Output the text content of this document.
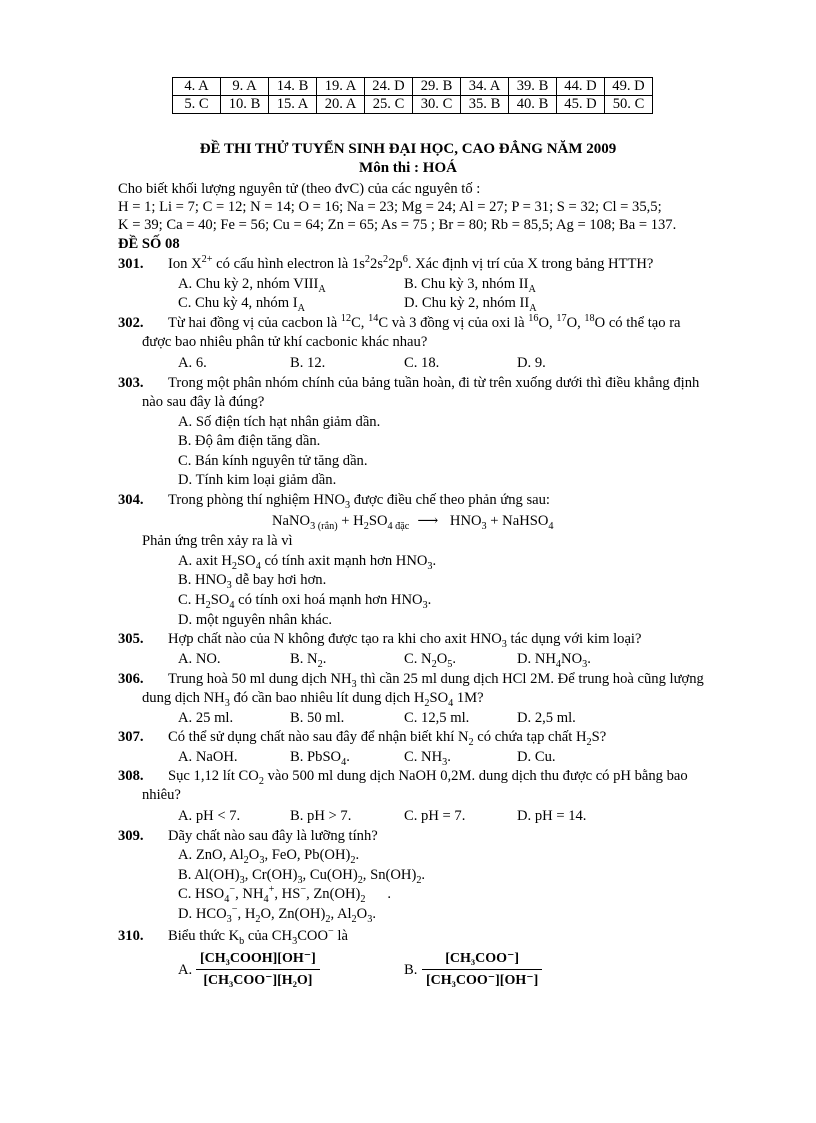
4. A	9. A	14. B	19. A	24. D	29. B	34. A	39. B	44. D	49. D
5. C	10. B	15. A	20. A	25. C	30. C	35. B	40. B	45. D	50. C
ĐỀ THI THỬ TUYỂN SINH ĐẠI HỌC, CAO ĐẲNG NĂM 2009
Môn thi : HOÁ
Cho biết khối lượng nguyên tử (theo đvC) của các nguyên tố :
H = 1; Li = 7; C = 12; N = 14; O = 16; Na = 23; Mg = 24; Al = 27; P = 31; S = 32; Cl = 35,5;
K = 39; Ca = 40; Fe = 56; Cu = 64; Zn = 65; As = 75 ; Br = 80; Rb = 85,5; Ag = 108; Ba = 137.
ĐỀ SỐ 08
301. Ion $X^{2+}$ có cấu hình electron là $1s^22s^22p^6$. Xác định vị trí của X trong bảng HTTH?
A. Chu kỳ 2, nhóm $VIII_A$	B. Chu kỳ 3, nhóm $II_A$
C. Chu kỳ 4, nhóm $I_A$	D. Chu kỳ 2, nhóm $II_A$
302. Từ hai đồng vị của cacbon là $^{12}$C, $^{14}$C và 3 đồng vị của oxi là $^{16}$O, $^{17}$O, $^{18}$O có thể tạo ra
được bao nhiêu phân tử khí cacbonic khác nhau?
A. 6.	B. 12.	C. 18.	D. 9.
303. Trong một phân nhóm chính của bảng tuần hoàn, đi từ trên xuống dưới thì điều khẳng định
nào sau đây là đúng?
A. Số điện tích hạt nhân giảm dần.
B. Độ âm điện tăng dần.
C. Bán kính nguyên tử tăng dần.
D. Tính kim loại giảm dần.
304. Trong phòng thí nghiệm $HNO_3$ được điều chế theo phản ứng sau:
NaNO$_{3 (rắn)}$ + $H_2SO_{4 đặc}$ ⟶ $HNO_3$ + NaHSO$_4$
Phản ứng trên xảy ra là vì
A. axit $H_2SO_4$ có tính axit mạnh hơn $HNO_3$.
B. $HNO_3$ dễ bay hơi hơn.
C. $H_2SO_4$ có tính oxi hoá mạnh hơn $HNO_3$.
D. một nguyên nhân khác.
305. Hợp chất nào của N không được tạo ra khi cho axit $HNO_3$ tác dụng với kim loại?
A. NO.	B. $N_2$.	C. $N_2O_5$.	D. $NH_4NO_3$.
306. Trung hoà 50 ml dung dịch $NH_3$ thì cần 25 ml dung dịch HCl 2M. Để trung hoà cũng lượng
dung dịch $NH_3$ đó cần bao nhiêu lít dung dịch $H_2SO_4$ 1M?
A. 25 ml.	B. 50 ml.	C. 12,5 ml.	D. 2,5 ml.
307. Có thể sử dụng chất nào sau đây để nhận biết khí $N_2$ có chứa tạp chất $H_2S$?
A. NaOH.	B. PbSO$_4$.	C. $NH_3$.	D. Cu.
308. Sục 1,12 lít $CO_2$ vào 500 ml dung dịch NaOH 0,2M. dung dịch thu được có pH bằng bao
nhiêu?
A. pH < 7.	B. pH > 7.	C. pH = 7.	D. pH = 14.
309. Dãy chất nào sau đây là lưỡng tính?
A. ZnO, $Al_2O_3$, FeO, $Pb(OH)_2$.
B. $Al(OH)_3$, $Cr(OH)_3$, $Cu(OH)_2$, $Sn(OH)_2$.
C. $HSO_4^-$, $NH_4^+$, HS−, $Zn(OH)_2$      .
D. $HCO_3^-$, $H_2O$, $Zn(OH)_2$, $Al_2O_3$.
310. Biểu thức $K_b$ của $CH_3COO^-$ là
A.
[CH₃COOH][OH⁻]
[CH₃COO⁻][H₂O]
B.
[CH₃COO⁻]
[CH₃COO⁻][OH⁻]
